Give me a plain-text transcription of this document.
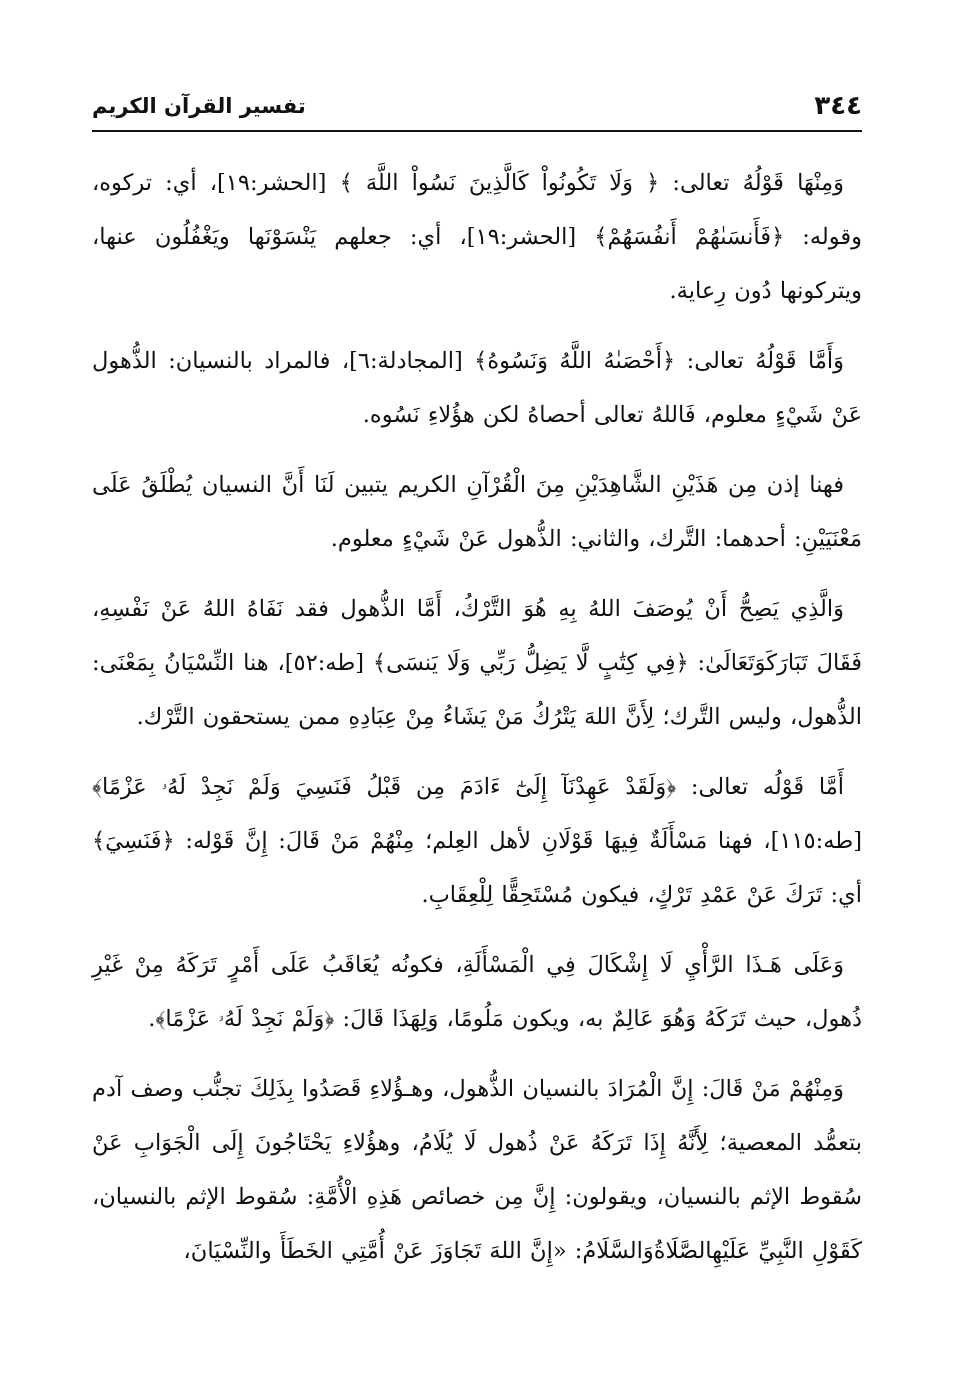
٣٤٤
تفسير القرآن الكريم

وَمِنْهَا قَوْلُهُ تعالى: ﴿ وَلَا تَكُونُواْ كَالَّذِينَ نَسُواْ اللَّهَ ﴾ [الحشر:١٩]، أي: تركوه، وقوله: ﴿فَأَنسَىٰهُمْ أَنفُسَهُمْ﴾ [الحشر:١٩]، أي: جعلهم يَنْسَوْنَها ويَغْفُلُون عنها، ويتركونها دُون رِعاية.

وَأَمَّا قَوْلُهُ تعالى: ﴿أَحْصَىٰهُ اللَّهُ وَنَسُوهُ﴾ [المجادلة:٦]، فالمراد بالنسيان: الذُّهول عَنْ شَيْءٍ معلوم، فَاللهُ تعالى أحصاهُ لكن هؤُلاءِ نَسُوه.

فهنا إذن مِن هَذَيْنِ الشَّاهِدَيْنِ مِنَ الْقُرْآنِ الكريم يتبين لَنَا أَنَّ النسيان يُطْلَقُ عَلَى مَعْنَيَيْنِ: أحدهما: التَّرك، والثاني: الذُّهول عَنْ شَيْءٍ معلوم.

وَالَّذِي يَصِحُّ أَنْ يُوصَفَ اللهُ بِهِ هُوَ التَّرْكُ، أَمَّا الذُّهول فقد نَفَاهُ اللهُ عَنْ نَفْسِهِ، فَقَالَ تَبَارَكَوَتَعَالَىٰ: ﴿فِي كِتَٰبٍ لَّا يَضِلُّ رَبِّي وَلَا يَنسَى﴾ [طه:٥٢]، هنا النِّسْيَانُ بِمَعْنَى: الذُّهول، وليس التَّرك؛ لِأَنَّ اللهَ يَتْرُكُ مَنْ يَشَاءُ مِنْ عِبَادِهِ ممن يستحقون التَّرْك.

أَمَّا قَوْلُه تعالى: ﴿وَلَقَدْ عَهِدْنَآ إِلَىٰٓ ءَادَمَ مِن قَبْلُ فَنَسِيَ وَلَمْ نَجِدْ لَهُۥ عَزْمًا﴾ [طه:١١٥]، فهنا مَسْأَلَةٌ فِيهَا قَوْلَانِ لأهل العِلم؛ مِنْهُمْ مَنْ قَالَ: إِنَّ قَوْله: ﴿فَنَسِيَ﴾ أي: تَرَكَ عَنْ عَمْدِ تَرْكٍ، فيكون مُسْتَحِقًّا لِلْعِقَابِ.

وَعَلَى هَـذَا الرَّأْيِ لَا إِشْكَالَ فِي الْمَسْأَلَةِ، فكونُه يُعَاقَبُ عَلَى أَمْرٍ تَرَكَهُ مِنْ غَيْرِ ذُهول، حيث تَرَكَهُ وَهُوَ عَالِمٌ به، ويكون مَلُومًا، وَلِهَذَا قَالَ: ﴿وَلَمْ نَجِدْ لَهُۥ عَزْمًا﴾.

وَمِنْهُمْ مَنْ قَالَ: إِنَّ الْمُرَادَ بالنسيان الذُّهول، وهـؤُلاءِ قَصَدُوا بِذَلِكَ تجنُّب وصف آدم بتعمُّد المعصية؛ لِأَنَّهُ إِذَا تَرَكَهُ عَنْ ذُهول لَا يُلَامُ، وهؤُلاءِ يَحْتَاجُونَ إِلَى الْجَوَابِ عَنْ سُقوط الإثم بالنسيان، ويقولون: إِنَّ مِن خصائص هَذِهِ الْأُمَّةِ: سُقوط الإثم بالنسيان، كَقَوْلِ النَّبِيِّ عَلَيْهِالصَّلَاةُوَالسَّلَامُ: «إِنَّ اللهَ تَجَاوَزَ عَنْ أُمَّتِي الخَطَأَ والنِّسْيَانَ،
